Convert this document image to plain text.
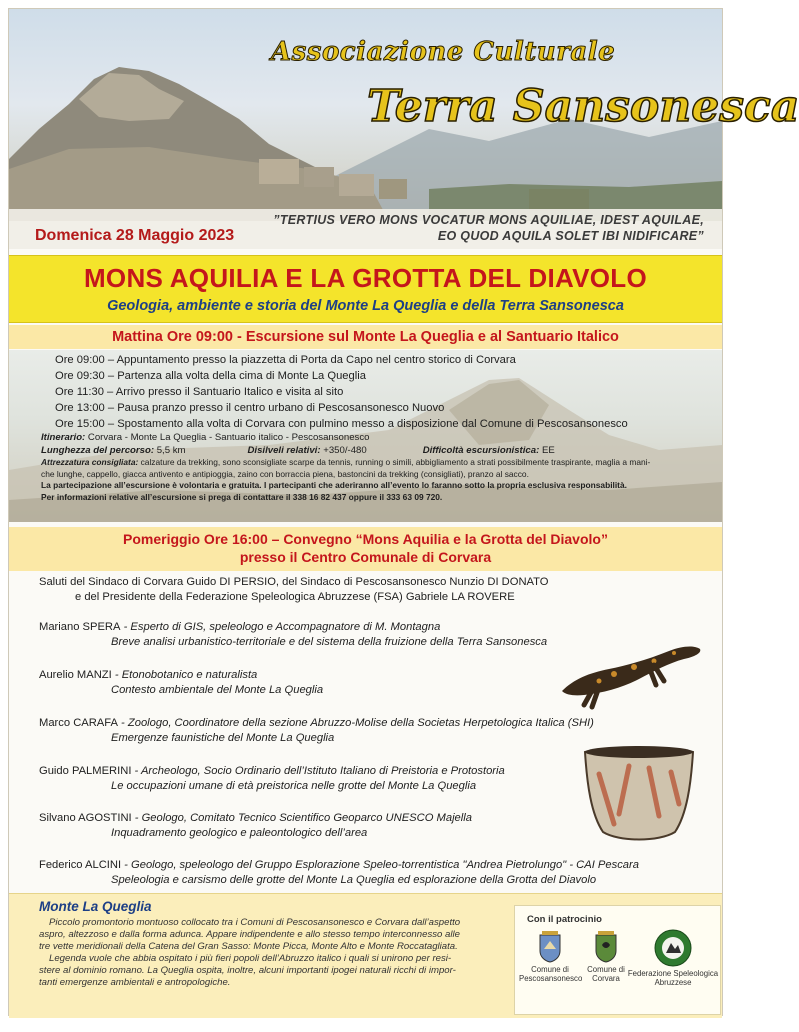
Associazione Culturale
Terra Sansonesca
Domenica 28 Maggio 2023
”TERTIUS VERO MONS VOCATUR MONS AQUILIAE, IDEST AQUILAE,
EO QUOD AQUILA SOLET IBI NIDIFICARE”
MONS AQUILIA E LA GROTTA DEL DIAVOLO
Geologia, ambiente e storia del Monte La Queglia e della Terra Sansonesca
Mattina Ore 09:00 - Escursione sul Monte La Queglia e al Santuario Italico
Ore 09:00 – Appuntamento presso la piazzetta di Porta da Capo nel centro storico di Corvara
Ore 09:30 – Partenza alla volta della cima di Monte La Queglia
Ore 11:30 – Arrivo presso il Santuario Italico e visita al sito
Ore 13:00 – Pausa pranzo presso il centro urbano di Pescosansonesco Nuovo
Ore 15:00 – Spostamento alla volta di Corvara con pulmino messo a disposizione dal Comune di Pescosansonesco
Itinerario: Corvara - Monte La Queglia - Santuario italico - Pescosansonesco
Lunghezza del percorso: 5,5 km	Disilveli relativi: +350/-480	Difficoltà escursionistica: EE
Attrezzatura consigliata: calzature da trekking, sono sconsigliate scarpe da tennis, running o simili, abbigliamento a strati possibilmente traspirante, maglia a mani-
che lunghe, cappello, giacca antivento e antipioggia, zaino con borraccia piena, bastoncini da trekking (consigliati), pranzo al sacco.
La partecipazione all’escursione è volontaria e gratuita. I partecipanti che aderiranno all’evento lo faranno sotto la propria esclusiva responsabilità.
Per informazioni relative all’escursione si prega di contattare il 338 16 82 437 oppure il 333 63 09 720.
Pomeriggio Ore 16:00 – Convegno “Mons Aquilia e la Grotta del Diavolo”
presso il Centro Comunale di Corvara
Saluti del Sindaco di Corvara Guido DI PERSIO, del Sindaco di Pescosansonesco Nunzio DI DONATO
e del Presidente della Federazione Speleologica Abruzzese (FSA) Gabriele LA ROVERE
Mariano SPERA - Esperto di GIS, speleologo e Accompagnatore di M. Montagna
Breve analisi urbanistico-territoriale e del sistema della fruizione della Terra Sansonesca
Aurelio MANZI - Etonobotanico e naturalista
Contesto ambientale del Monte La Queglia
Marco CARAFA - Zoologo, Coordinatore della sezione Abruzzo-Molise della Societas Herpetologica Italica (SHI)
Emergenze faunistiche del Monte La Queglia
Guido PALMERINI - Archeologo, Socio Ordinario dell’Istituto Italiano di Preistoria e Protostoria
Le occupazioni umane di età preistorica nelle grotte del Monte La Queglia
Silvano AGOSTINI - Geologo, Comitato Tecnico Scientifico Geoparco UNESCO Majella
Inquadramento geologico e paleontologico dell’area
Federico ALCINI - Geologo, speleologo del Gruppo Esplorazione Speleo-torrentistica "Andrea Pietrolungo" - CAI Pescara
Speleologia e carsismo delle grotte del Monte La Queglia ed esplorazione della Grotta del Diavolo
Monte La Queglia
Piccolo promontorio montuoso collocato tra i Comuni di Pescosansonesco e Corvara dall’aspetto
aspro, altezzoso e dalla forma adunca. Appare indipendente e allo stesso tempo interconnesso alle
tre vette meridionali della Catena del Gran Sasso: Monte Picca, Monte Alto e Monte Roccatagliata.
Legenda vuole che abbia ospitato i più fieri popoli dell’Abruzzo italico i quali si unirono per resi-
stere al dominio romano. La Queglia ospita, inoltre, alcuni importanti ipogei naturali ricchi di impor-
tanti emergenze ambientali e antropologiche.
Con il patrocinio
Comune di
Pescosansonesco
Comune di
Corvara
Federazione Speleologica
Abruzzese
